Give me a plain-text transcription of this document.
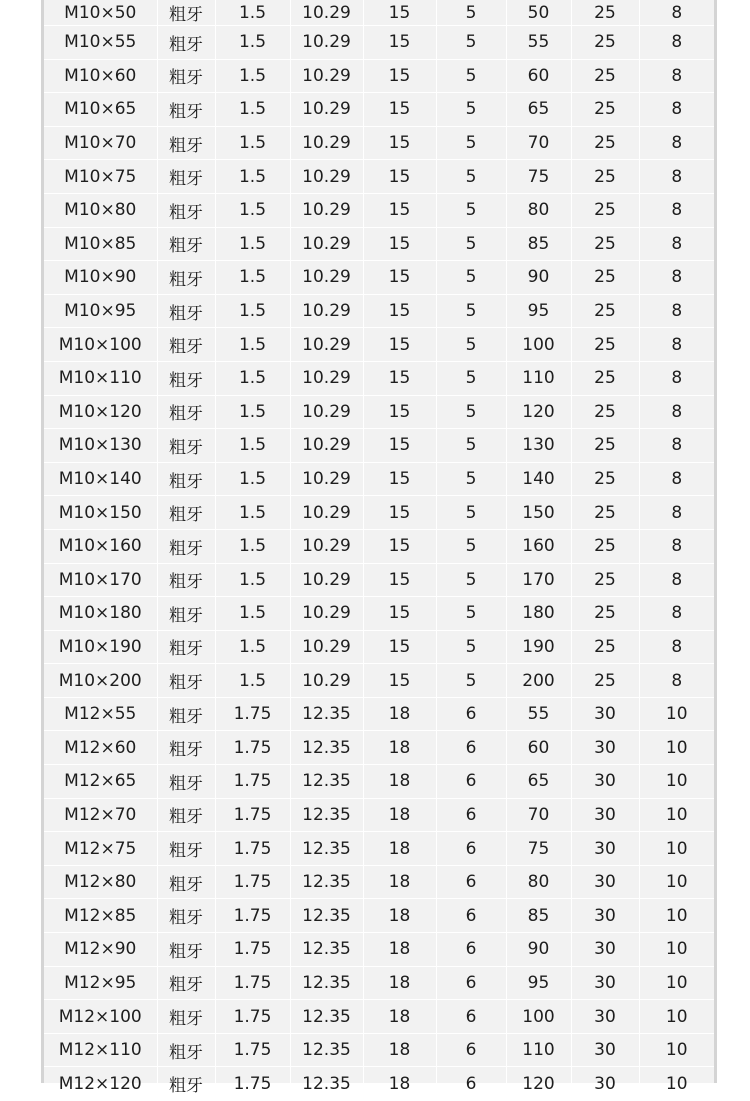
M10×50	粗牙	1.5	10.29	15	5	50	25	8
M10×55	粗牙	1.5	10.29	15	5	55	25	8
M10×60	粗牙	1.5	10.29	15	5	60	25	8
M10×65	粗牙	1.5	10.29	15	5	65	25	8
M10×70	粗牙	1.5	10.29	15	5	70	25	8
M10×75	粗牙	1.5	10.29	15	5	75	25	8
M10×80	粗牙	1.5	10.29	15	5	80	25	8
M10×85	粗牙	1.5	10.29	15	5	85	25	8
M10×90	粗牙	1.5	10.29	15	5	90	25	8
M10×95	粗牙	1.5	10.29	15	5	95	25	8
M10×100	粗牙	1.5	10.29	15	5	100	25	8
M10×110	粗牙	1.5	10.29	15	5	110	25	8
M10×120	粗牙	1.5	10.29	15	5	120	25	8
M10×130	粗牙	1.5	10.29	15	5	130	25	8
M10×140	粗牙	1.5	10.29	15	5	140	25	8
M10×150	粗牙	1.5	10.29	15	5	150	25	8
M10×160	粗牙	1.5	10.29	15	5	160	25	8
M10×170	粗牙	1.5	10.29	15	5	170	25	8
M10×180	粗牙	1.5	10.29	15	5	180	25	8
M10×190	粗牙	1.5	10.29	15	5	190	25	8
M10×200	粗牙	1.5	10.29	15	5	200	25	8
M12×55	粗牙	1.75	12.35	18	6	55	30	10
M12×60	粗牙	1.75	12.35	18	6	60	30	10
M12×65	粗牙	1.75	12.35	18	6	65	30	10
M12×70	粗牙	1.75	12.35	18	6	70	30	10
M12×75	粗牙	1.75	12.35	18	6	75	30	10
M12×80	粗牙	1.75	12.35	18	6	80	30	10
M12×85	粗牙	1.75	12.35	18	6	85	30	10
M12×90	粗牙	1.75	12.35	18	6	90	30	10
M12×95	粗牙	1.75	12.35	18	6	95	30	10
M12×100	粗牙	1.75	12.35	18	6	100	30	10
M12×110	粗牙	1.75	12.35	18	6	110	30	10
M12×120	粗牙	1.75	12.35	18	6	120	30	10
